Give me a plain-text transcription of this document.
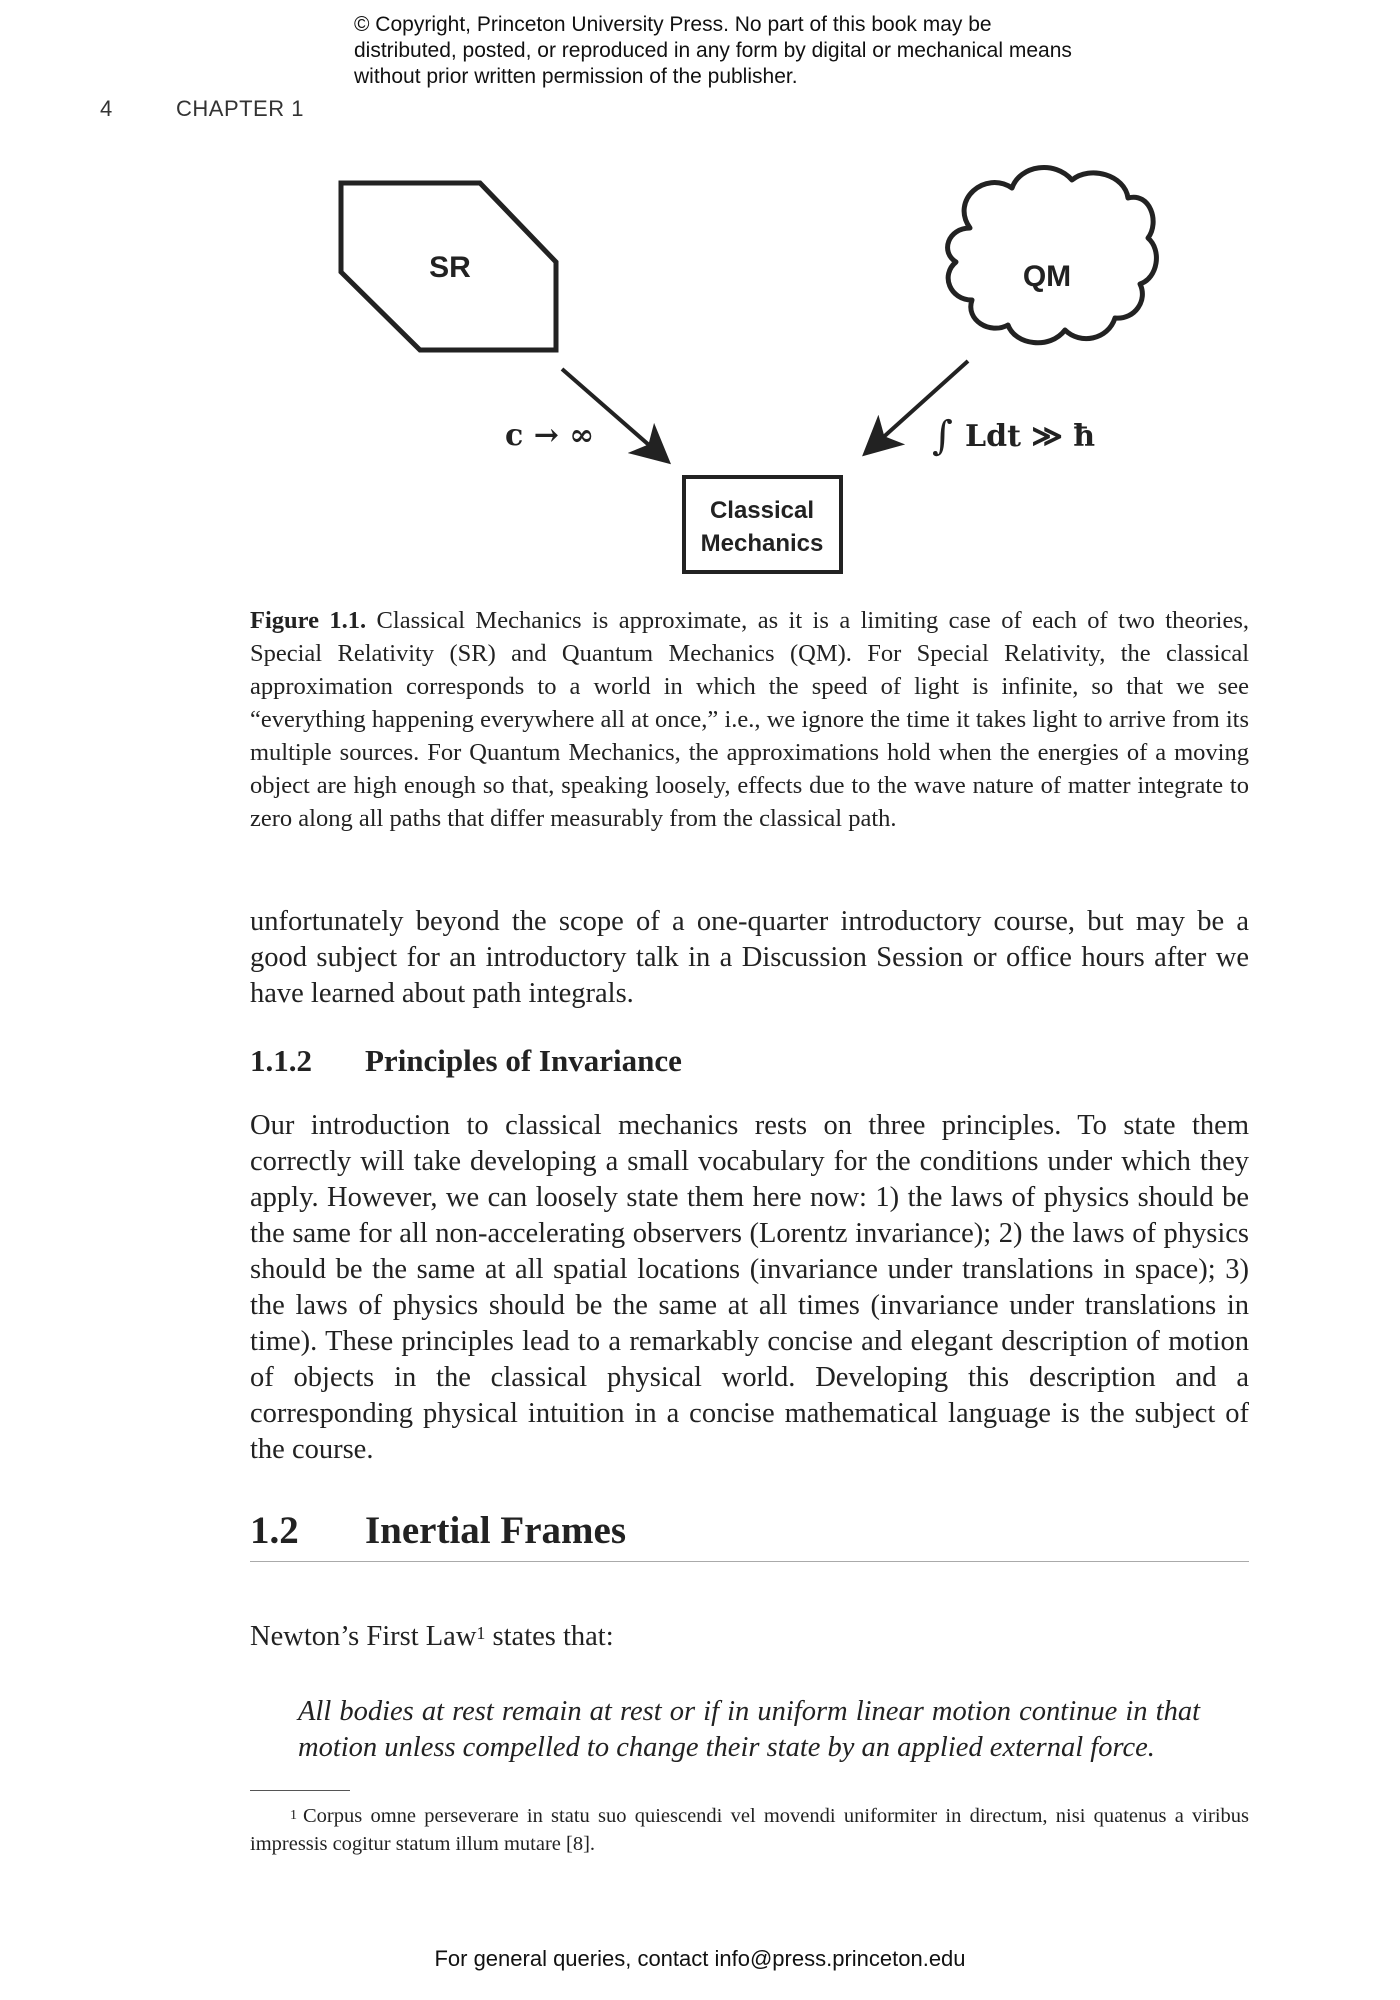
© Copyright, Princeton University Press. No part of this book may be distributed, posted, or reproduced in any form by digital or mechanical means without prior written permission of the publisher.
4	CHAPTER 1
SR	QM
c → ∞	∫ Ldt ≫ ħ
Classical
Mechanics
Figure 1.1. Classical Mechanics is approximate, as it is a limiting case of each of two theories, Special Relativity (SR) and Quantum Mechanics (QM). For Special Relativity, the classical approximation corresponds to a world in which the speed of light is infinite, so that we see “everything happening everywhere all at once,” i.e., we ignore the time it takes light to arrive from its multiple sources. For Quantum Mechanics, the approximations hold when the energies of a moving object are high enough so that, speaking loosely, effects due to the wave nature of matter integrate to zero along all paths that differ measurably from the classical path.
unfortunately beyond the scope of a one-quarter introductory course, but may be a good subject for an introductory talk in a Discussion Session or office hours after we have learned about path integrals.
1.1.2 Principles of Invariance
Our introduction to classical mechanics rests on three principles. To state them correctly will take developing a small vocabulary for the conditions under which they apply. However, we can loosely state them here now: 1) the laws of physics should be the same for all non-accelerating observers (Lorentz invariance); 2) the laws of physics should be the same at all spatial locations (invariance under translations in space); 3) the laws of physics should be the same at all times (invariance under translations in time). These principles lead to a remarkably concise and elegant description of motion of objects in the classical physical world. Developing this description and a corresponding physical intuition in a concise mathematical language is the subject of the course.
1.2 Inertial Frames
Newton’s First Law$^1$ states that:
All bodies at rest remain at rest or if in uniform linear motion continue in that motion unless compelled to change their state by an applied external force.
$^1$ Corpus omne perseverare in statu suo quiescendi vel movendi uniformiter in directum, nisi quatenus a viribus impressis cogitur statum illum mutare [8].
For general queries, contact info@press.princeton.edu
